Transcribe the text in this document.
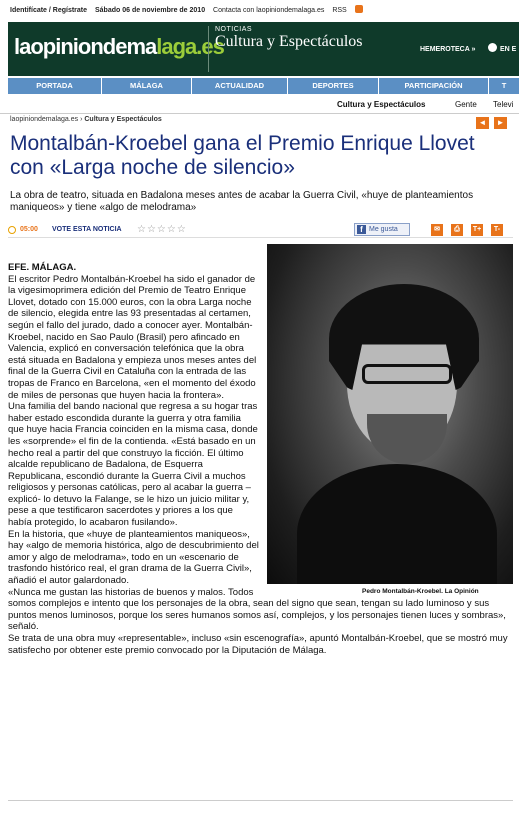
Identifícate / Regístrate Sábado 06 de noviembre de 2010 Contacta con laopiniondemalaga.es RSS
laopiniondemalaga.es
NOTICIAS
Cultura y Espectáculos	HEMEROTECA »	EN E
PORTADA	MÁLAGA	ACTUALIDAD	DEPORTES	PARTICIPACIÓN	T
Cultura y Espectáculos	Gente Televi
laopiniondemalaga.es › Cultura y Espectáculos	◄	►
Montalbán-Kroebel gana el Premio Enrique Llovet con «Larga noche de silencio»
La obra de teatro, situada en Badalona meses antes de acabar la Guerra Civil, «huye de planteamientos maniqueos» y tiene «algo de melodrama»
05:00 VOTE ESTA NOTICIA ☆☆☆☆☆	f Me gusta	✉	⎙	T+	T-
Pedro Montalbán-Kroebel. La Opinión

EFE. MÁLAGA.

El escritor Pedro Montalbán-Kroebel ha sido el ganador de la vigesimoprimera edición del Premio de Teatro Enrique Llovet, dotado con 15.000 euros, con la obra Larga noche de silencio, elegida entre las 93 presentadas al certamen, según el fallo del jurado, dado a conocer ayer. Montalbán-Kroebel, nacido en Sao Paulo (Brasil) pero afincado en Valencia, explicó en conversación telefónica que la obra está situada en Badalona y empieza unos meses antes del final de la Guerra Civil en Cataluña con la entrada de las tropas de Franco en Barcelona, «en el momento del éxodo de miles de personas que huyen hacia la frontera».

Una familia del bando nacional que regresa a su hogar tras haber estado escondida durante la guerra y otra familia que huye hacia Francia coinciden en la misma casa, donde les «sorprende» el fin de la contienda. «Está basado en un hecho real a partir del que construyo la ficción. El último alcalde republicano de Badalona, de Esquerra Republicana, escondió durante la Guerra Civil a muchos religiosos y personas católicas, pero al acabar la guerra –explicó- lo detuvo la Falange, se le hizo un juicio militar y, pese a que testificaron sacerdotes y priores a los que había protegido, lo acabaron fusilando».

En la historia, que «huye de planteamientos maniqueos», hay «algo de memoria histórica, algo de descubrimiento del amor y algo de melodrama», todo en un «escenario de trasfondo histórico real, el gran drama de la Guerra Civil», añadió el autor galardonado.

«Nunca me gustan las historias de buenos y malos. Todos somos complejos e intento que los personajes de la obra, sean del signo que sean, tengan su lado luminoso y sus puntos menos luminosos, porque los seres humanos somos así, complejos, y los personajes tienen luces y sombras», señaló.

Se trata de una obra muy «representable», incluso «sin escenografía», apuntó Montalbán-Kroebel, que se mostró muy satisfecho por obtener este premio convocado por la Diputación de Málaga.
